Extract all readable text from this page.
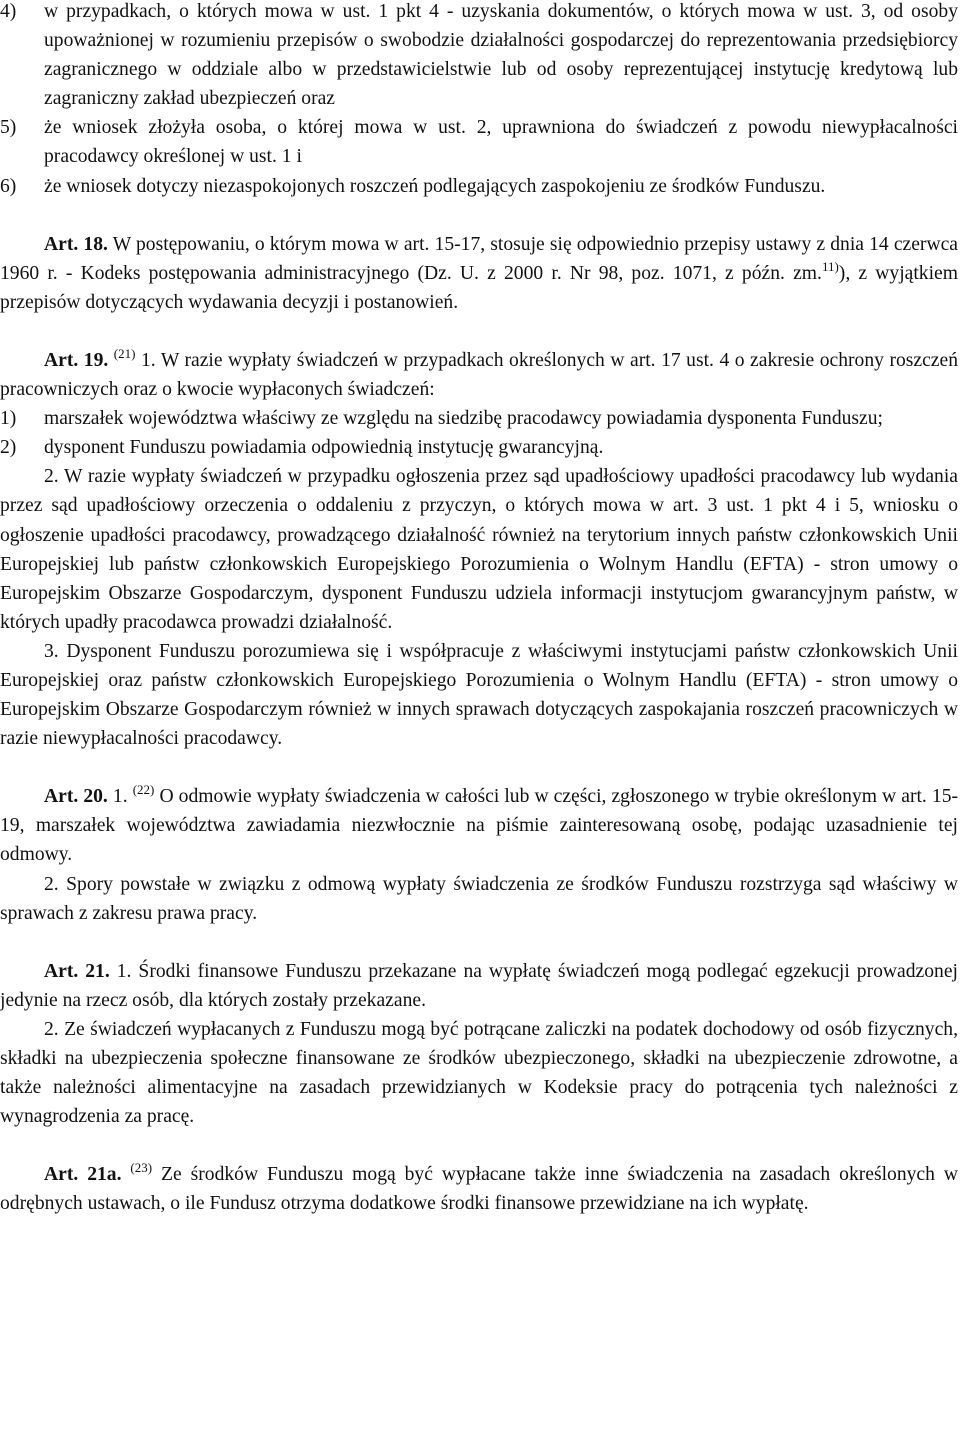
4) w przypadkach, o których mowa w ust. 1 pkt 4 - uzyskania dokumentów, o których mowa w ust. 3, od osoby upoważnionej w rozumieniu przepisów o swobodzie działalności gospodarczej do reprezentowania przedsiębiorcy zagranicznego w oddziale albo w przedstawicielstwie lub od osoby reprezentującej instytucję kredytową lub zagraniczny zakład ubezpieczeń oraz

5) że wniosek złożyła osoba, o której mowa w ust. 2, uprawniona do świadczeń z powodu niewypłacalności pracodawcy określonej w ust. 1 i

6) że wniosek dotyczy niezaspokojonych roszczeń podlegających zaspokojeniu ze środków Funduszu.

Art. 18. W postępowaniu, o którym mowa w art. 15-17, stosuje się odpowiednio przepisy ustawy z dnia 14 czerwca 1960 r. - Kodeks postępowania administracyjnego (Dz. U. z 2000 r. Nr 98, poz. 1071, z późn. zm.$^{11)}$), z wyjątkiem przepisów dotyczących wydawania decyzji i postanowień.

Art. 19. $^{(21)}$ 1. W razie wypłaty świadczeń w przypadkach określonych w art. 17 ust. 4 o zakresie ochrony roszczeń pracowniczych oraz o kwocie wypłaconych świadczeń:

1) marszałek województwa właściwy ze względu na siedzibę pracodawcy powiadamia dysponenta Funduszu;

2) dysponent Funduszu powiadamia odpowiednią instytucję gwarancyjną.

2. W razie wypłaty świadczeń w przypadku ogłoszenia przez sąd upadłościowy upadłości pracodawcy lub wydania przez sąd upadłościowy orzeczenia o oddaleniu z przyczyn, o których mowa w art. 3 ust. 1 pkt 4 i 5, wniosku o ogłoszenie upadłości pracodawcy, prowadzącego działalność również na terytorium innych państw członkowskich Unii Europejskiej lub państw członkowskich Europejskiego Porozumienia o Wolnym Handlu (EFTA) - stron umowy o Europejskim Obszarze Gospodarczym, dysponent Funduszu udziela informacji instytucjom gwarancyjnym państw, w których upadły pracodawca prowadzi działalność.

3. Dysponent Funduszu porozumiewa się i współpracuje z właściwymi instytucjami państw członkowskich Unii Europejskiej oraz państw członkowskich Europejskiego Porozumienia o Wolnym Handlu (EFTA) - stron umowy o Europejskim Obszarze Gospodarczym również w innych sprawach dotyczących zaspokajania roszczeń pracowniczych w razie niewypłacalności pracodawcy.

Art. 20. 1. $^{(22)}$ O odmowie wypłaty świadczenia w całości lub w części, zgłoszonego w trybie określonym w art. 15-19, marszałek województwa zawiadamia niezwłocznie na piśmie zainteresowaną osobę, podając uzasadnienie tej odmowy.

2. Spory powstałe w związku z odmową wypłaty świadczenia ze środków Funduszu rozstrzyga sąd właściwy w sprawach z zakresu prawa pracy.

Art. 21. 1. Środki finansowe Funduszu przekazane na wypłatę świadczeń mogą podlegać egzekucji prowadzonej jedynie na rzecz osób, dla których zostały przekazane.

2. Ze świadczeń wypłacanych z Funduszu mogą być potrącane zaliczki na podatek dochodowy od osób fizycznych, składki na ubezpieczenia społeczne finansowane ze środków ubezpieczonego, składki na ubezpieczenie zdrowotne, a także należności alimentacyjne na zasadach przewidzianych w Kodeksie pracy do potrącenia tych należności z wynagrodzenia za pracę.

Art. 21a. $^{(23)}$ Ze środków Funduszu mogą być wypłacane także inne świadczenia na zasadach określonych w odrębnych ustawach, o ile Fundusz otrzyma dodatkowe środki finansowe przewidziane na ich wypłatę.
